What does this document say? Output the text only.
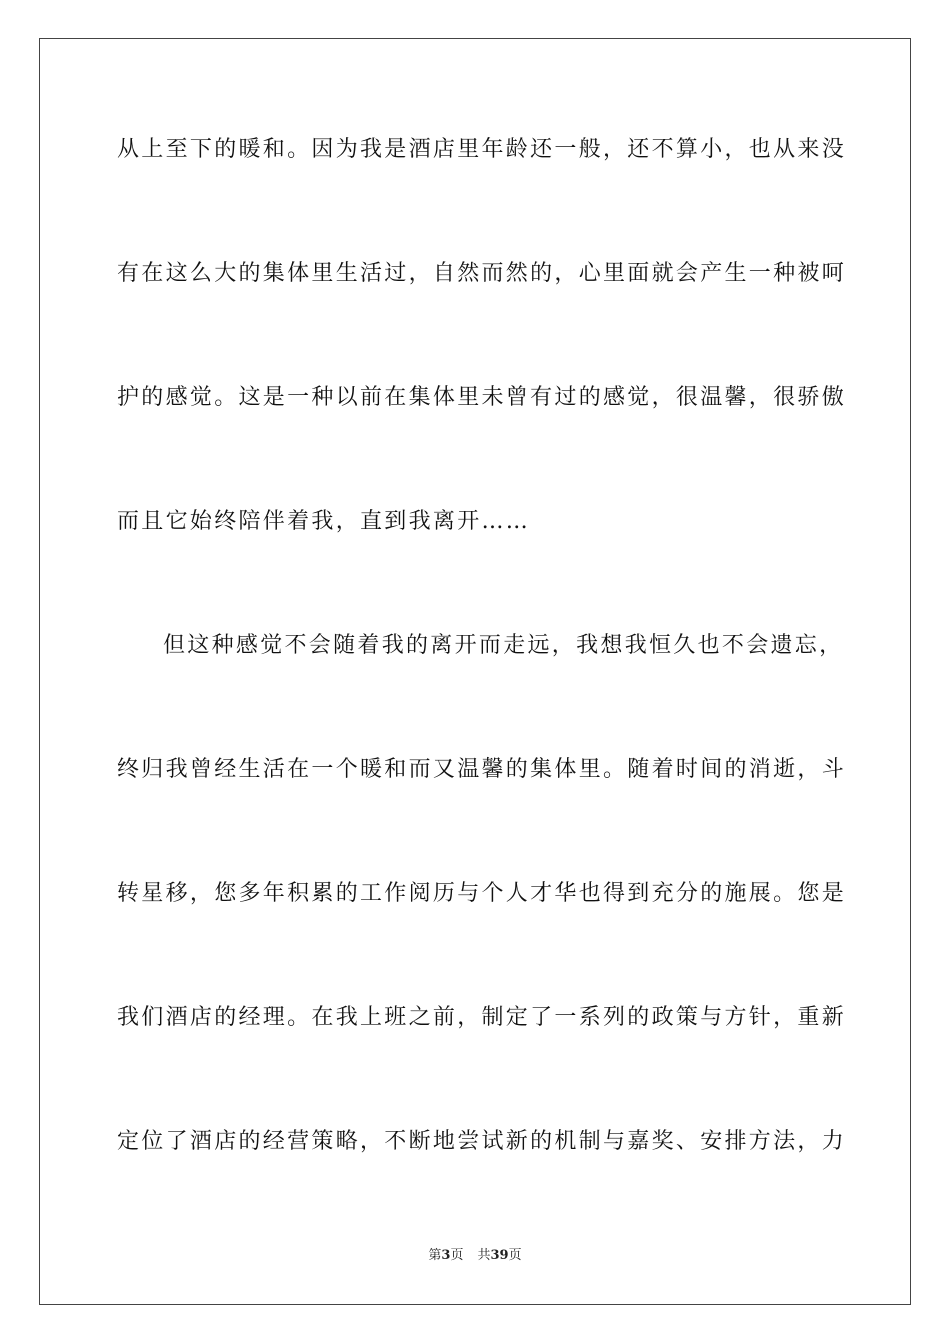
从上至下的暖和。因为我是酒店里年龄还一般，还不算小，也从来没
有在这么大的集体里生活过，自然而然的，心里面就会产生一种被呵
护的感觉。这是一种以前在集体里未曾有过的感觉，很温馨，很骄傲
而且它始终陪伴着我，直到我离开……
但这种感觉不会随着我的离开而走远，我想我恒久也不会遗忘，
终归我曾经生活在一个暖和而又温馨的集体里。随着时间的消逝，斗
转星移，您多年积累的工作阅历与个人才华也得到充分的施展。您是
我们酒店的经理。在我上班之前，制定了一系列的政策与方针，重新
定位了酒店的经营策略，不断地尝试新的机制与嘉奖、安排方法，力
第3页 共39页
